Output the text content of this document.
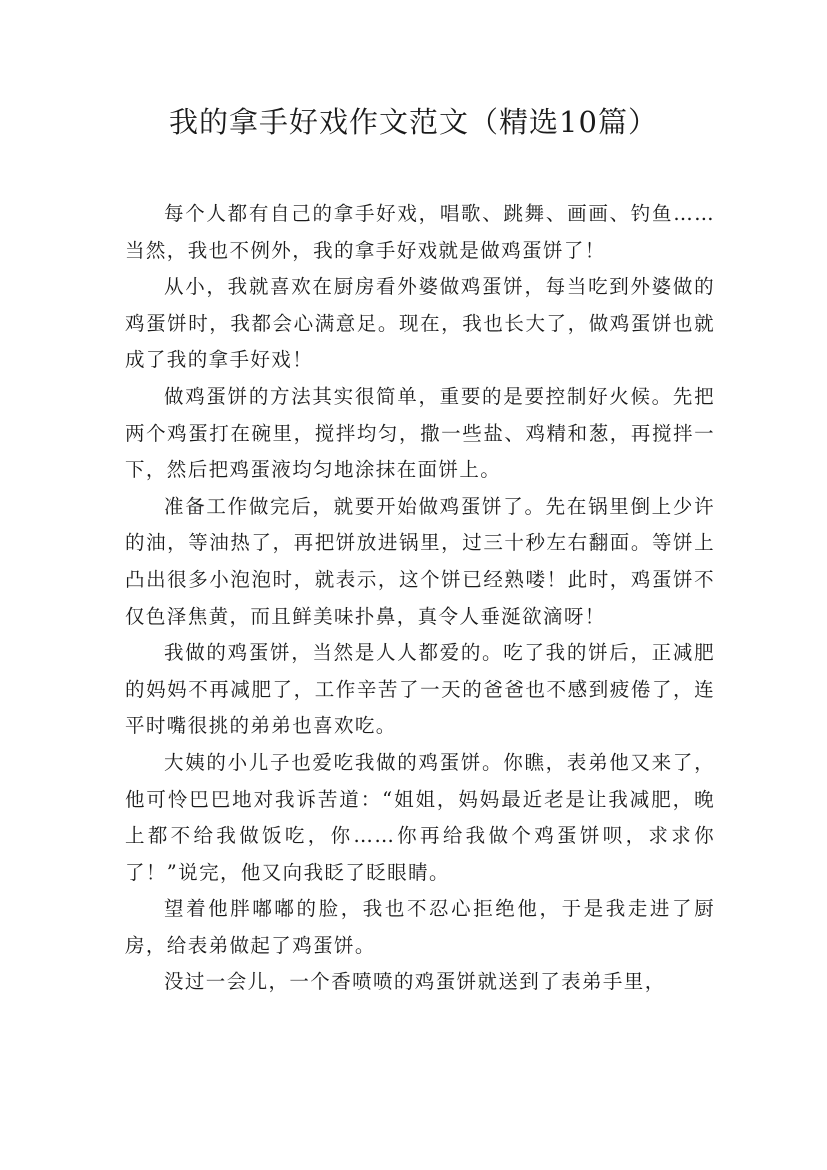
我的拿手好戏作文范文（精选10篇）

每个人都有自己的拿手好戏，唱歌、跳舞、画画、钓鱼……当然，我也不例外，我的拿手好戏就是做鸡蛋饼了！

从小，我就喜欢在厨房看外婆做鸡蛋饼，每当吃到外婆做的鸡蛋饼时，我都会心满意足。现在，我也长大了，做鸡蛋饼也就成了我的拿手好戏！

做鸡蛋饼的方法其实很简单，重要的是要控制好火候。先把两个鸡蛋打在碗里，搅拌均匀，撒一些盐、鸡精和葱，再搅拌一下，然后把鸡蛋液均匀地涂抹在面饼上。

准备工作做完后，就要开始做鸡蛋饼了。先在锅里倒上少许的油，等油热了，再把饼放进锅里，过三十秒左右翻面。等饼上凸出很多小泡泡时，就表示，这个饼已经熟喽！此时，鸡蛋饼不仅色泽焦黄，而且鲜美味扑鼻，真令人垂涎欲滴呀！

我做的鸡蛋饼，当然是人人都爱的。吃了我的饼后，正减肥的妈妈不再减肥了，工作辛苦了一天的爸爸也不感到疲倦了，连平时嘴很挑的弟弟也喜欢吃。

大姨的小儿子也爱吃我做的鸡蛋饼。你瞧，表弟他又来了，他可怜巴巴地对我诉苦道：“姐姐，妈妈最近老是让我减肥，晚上都不给我做饭吃，你……你再给我做个鸡蛋饼呗，求求你了！”说完，他又向我眨了眨眼睛。

望着他胖嘟嘟的脸，我也不忍心拒绝他，于是我走进了厨房，给表弟做起了鸡蛋饼。

没过一会儿，一个香喷喷的鸡蛋饼就送到了表弟手里，
